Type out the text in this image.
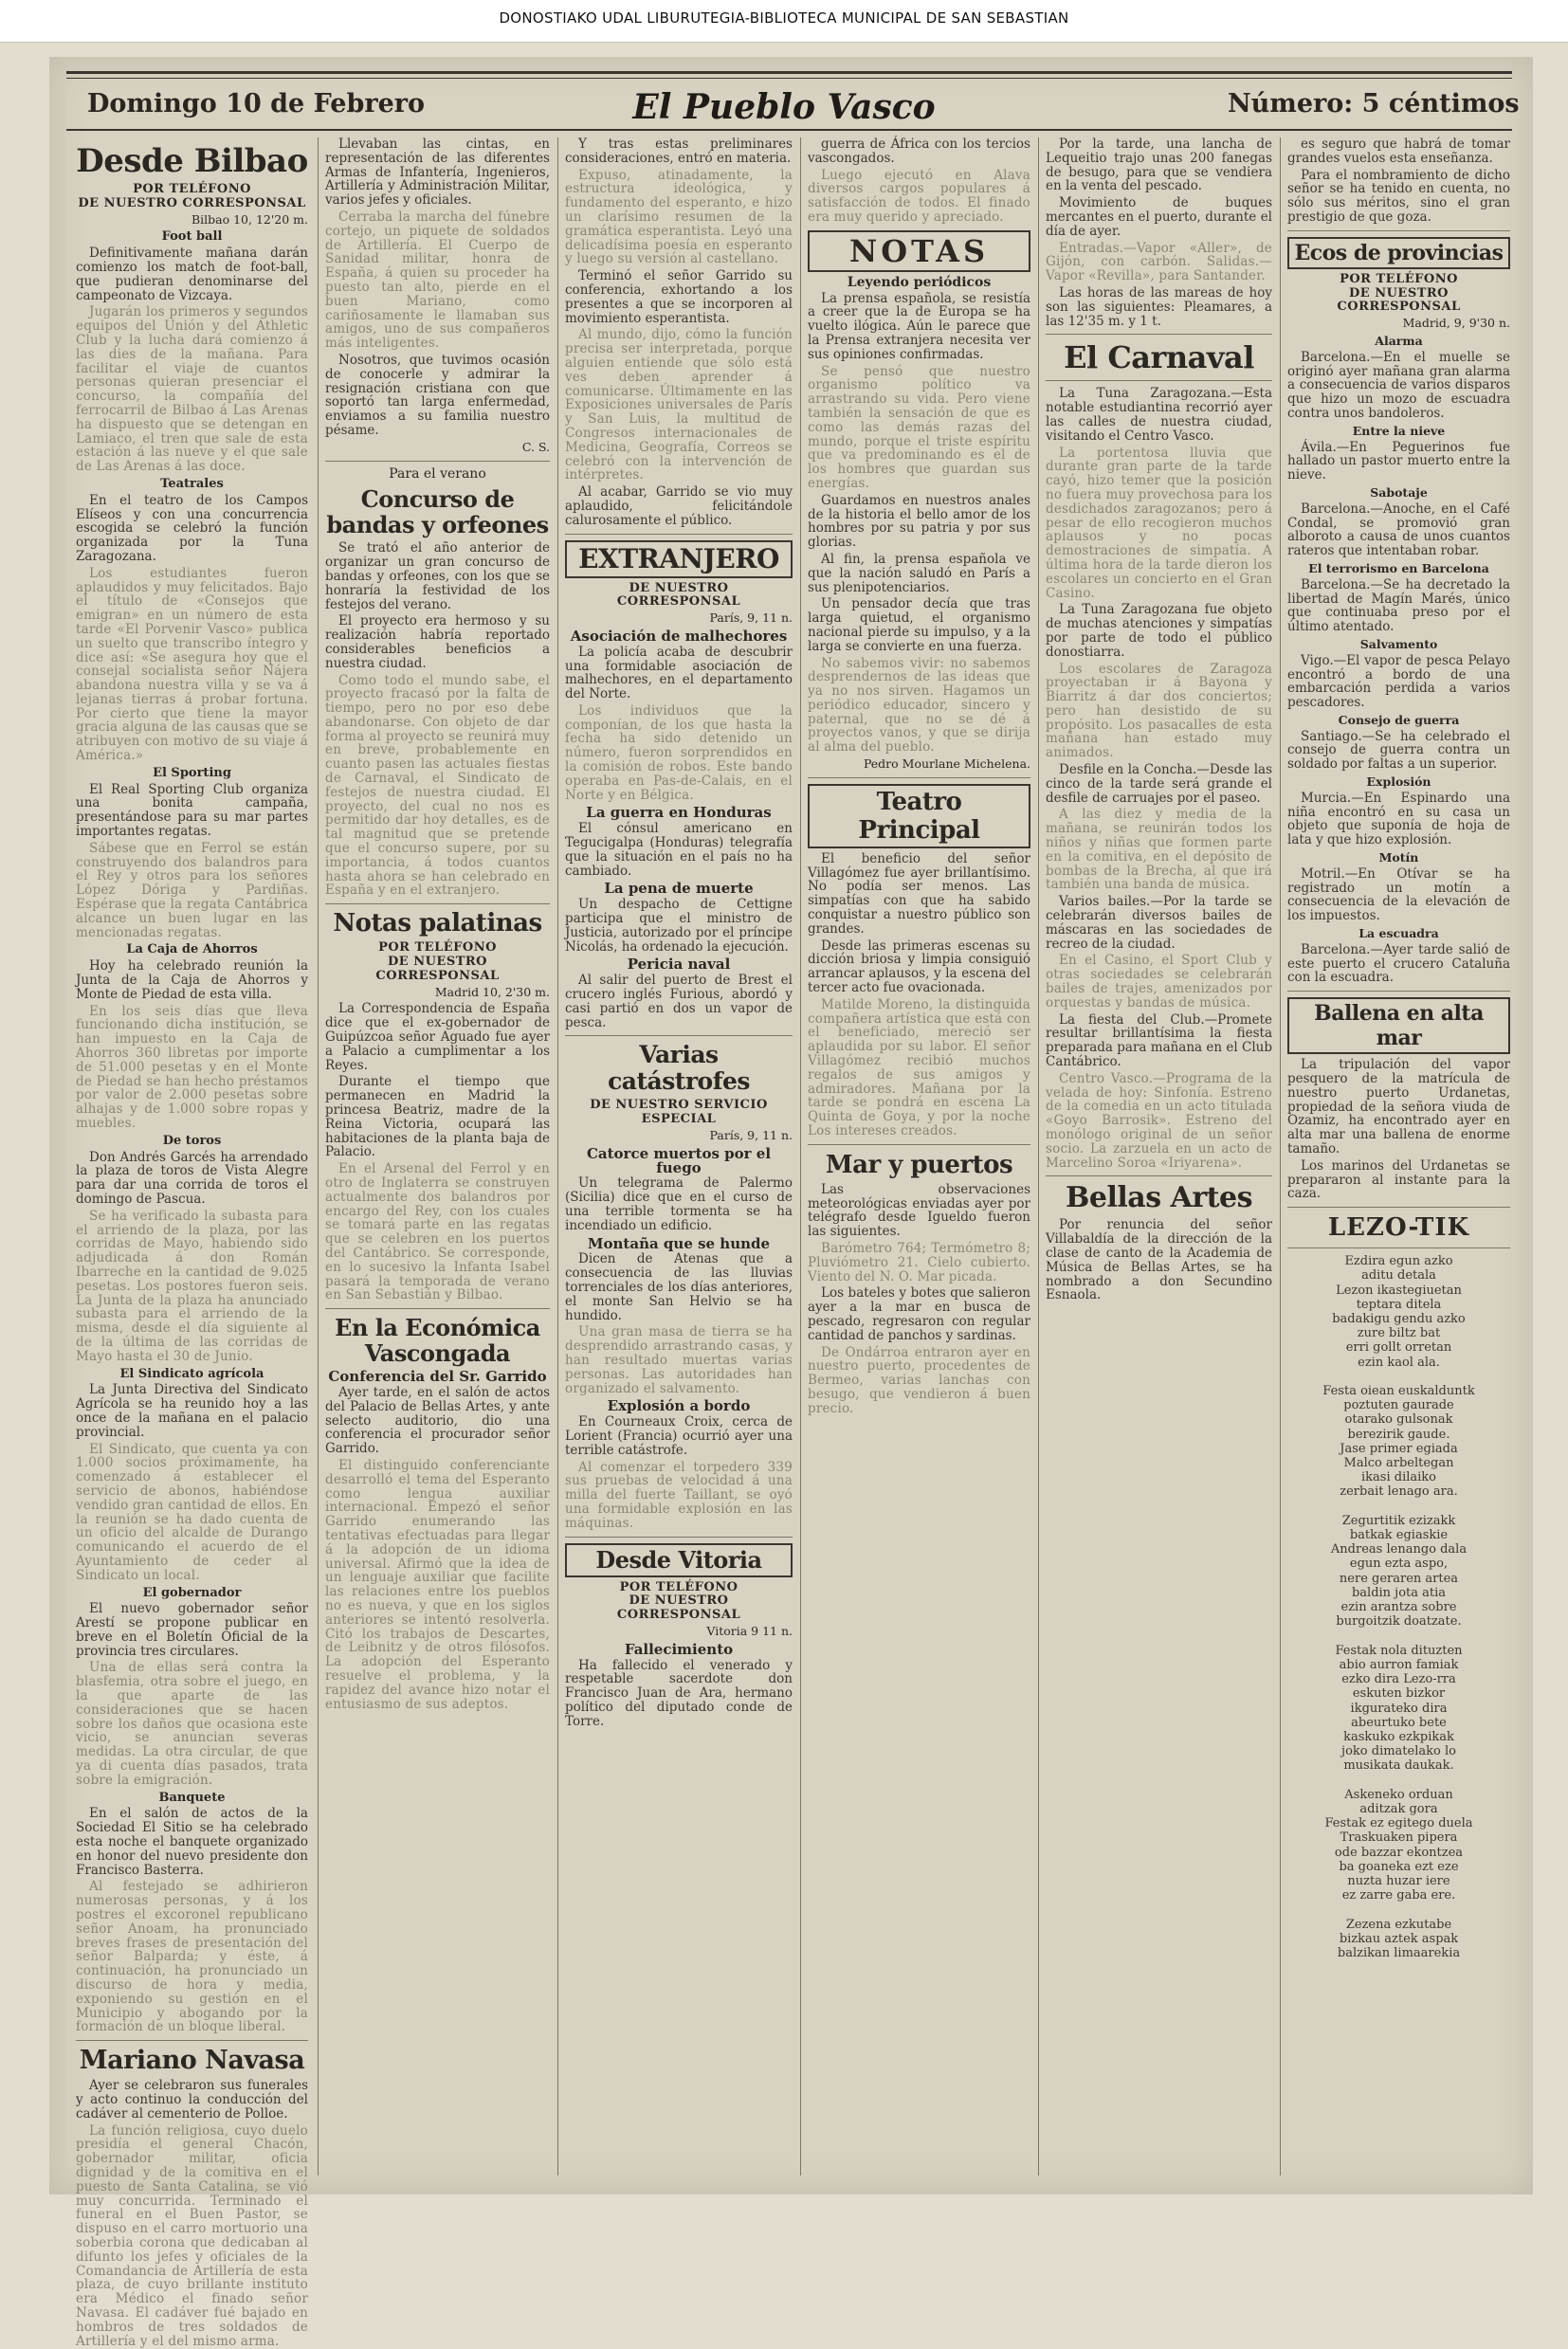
DONOSTIAKO UDAL LIBURUTEGIA-BIBLIOTECA MUNICIPAL DE SAN SEBASTIAN
Domingo 10 de Febrero	El Pueblo Vasco	Número: 5 céntimos
Desde Bilbao
POR TELÉFONO
DE NUESTRO CORRESPONSAL
Bilbao 10, 12'20 m.
Foot ball

Definitivamente mañana darán comienzo los match de foot-ball, que pudieran denominarse del campeonato de Vizcaya.

Jugarán los primeros y segundos equipos del Unión y del Athletic Club y la lucha dará comienzo á las dies de la mañana. Para facilitar el viaje de cuantos personas quieran presenciar el concurso, la compañía del ferrocarril de Bilbao á Las Arenas ha dispuesto que se detengan en Lamiaco, el tren que sale de esta estación á las nueve y el que sale de Las Arenas á las doce.

Teatrales

En el teatro de los Campos Elíseos y con una concurrencia escogida se celebró la función organizada por la Tuna Zaragozana.

Los estudiantes fueron aplaudidos y muy felicitados. Bajo el título de «Consejos que emigran» en un número de esta tarde «El Porvenir Vasco» publica un suelto que transcribo íntegro y dice así: «Se asegura hoy que el consejal socialista señor Nájera abandona nuestra villa y se va á lejanas tierras á probar fortuna. Por cierto que tiene la mayor gracia alguna de las causas que se atribuyen con motivo de su viaje á América.»

El Sporting

El Real Sporting Club organiza una bonita campaña, presentándose para su mar partes importantes regatas.

Sábese que en Ferrol se están construyendo dos balandros para el Rey y otros para los señores López Dóriga y Pardiñas. Espérase que la regata Cantábrica alcance un buen lugar en las mencionadas regatas.

La Caja de Ahorros

Hoy ha celebrado reunión la Junta de la Caja de Ahorros y Monte de Piedad de esta villa.

En los seis días que lleva funcionando dicha institución, se han impuesto en la Caja de Ahorros 360 libretas por importe de 51.000 pesetas y en el Monte de Piedad se han hecho préstamos por valor de 2.000 pesetas sobre alhajas y de 1.000 sobre ropas y muebles.

De toros

Don Andrés Garcés ha arrendado la plaza de toros de Vista Alegre para dar una corrida de toros el domingo de Pascua.

Se ha verificado la subasta para el arriendo de la plaza, por las corridas de Mayo, habiendo sido adjudicada á don Román Ibarreche en la cantidad de 9.025 pesetas. Los postores fueron seis. La Junta de la plaza ha anunciado subasta para el arriendo de la misma, desde el día siguiente al de la última de las corridas de Mayo hasta el 30 de Junio.

El Sindicato agrícola

La Junta Directiva del Sindicato Agrícola se ha reunido hoy a las once de la mañana en el palacio provincial.

El Sindicato, que cuenta ya con 1.000 socios próximamente, ha comenzado á establecer el servicio de abonos, habiéndose vendido gran cantidad de ellos. En la reunión se ha dado cuenta de un oficio del alcalde de Durango comunicando el acuerdo de el Ayuntamiento de ceder al Sindicato un local.

El gobernador

El nuevo gobernador señor Arestí se propone publicar en breve en el Boletín Oficial de la provincia tres circulares.

Una de ellas será contra la blasfemia, otra sobre el juego, en la que aparte de las consideraciones que se hacen sobre los daños que ocasiona este vicio, se anuncian severas medidas. La otra circular, de que ya di cuenta días pasados, trata sobre la emigración.

Banquete

En el salón de actos de la Sociedad El Sitio se ha celebrado esta noche el banquete organizado en honor del nuevo presidente don Francisco Basterra.

Al festejado se adhirieron numerosas personas, y á los postres el excoronel republicano señor Anoam, ha pronunciado breves frases de presentación del señor Balparda; y éste, á continuación, ha pronunciado un discurso de hora y media, exponiendo su gestión en el Municipio y abogando por la formación de un bloque liberal.

Mariano Navasa

Ayer se celebraron sus funerales y acto continuo la conducción del cadáver al cementerio de Polloe.

La función religiosa, cuyo duelo presidía el general Chacón, gobernador militar, oficia dignidad y de la comitiva en el puesto de Santa Catalina, se vió muy concurrida. Terminado el funeral en el Buen Pastor, se dispuso en el carro mortuorio una soberbia corona que dedicaban al difunto los jefes y oficiales de la Comandancia de Artillería de esta plaza, de cuyo brillante instituto era Médico el finado señor Navasa. El cadáver fué bajado en hombros de tres soldados de Artillería y el del mismo arma.

Llevaban las cintas, en representación de las diferentes Armas de Infantería, Ingenieros, Artillería y Administración Militar, varios jefes y oficiales.

Cerraba la marcha del fúnebre cortejo, un piquete de soldados de Artillería. El Cuerpo de Sanidad militar, honra de España, á quien su proceder ha puesto tan alto, pierde en el buen Mariano, como cariñosamente le llamaban sus amigos, uno de sus compañeros más inteligentes.

Nosotros, que tuvimos ocasión de conocerle y admirar la resignación cristiana con que soportó tan larga enfermedad, enviamos a su familia nuestro pésame.

C. S.
Para el verano
Concurso de bandas y orfeones

Se trató el año anterior de organizar un gran concurso de bandas y orfeones, con los que se honraría la festividad de los festejos del verano.

El proyecto era hermoso y su realización habría reportado considerables beneficios a nuestra ciudad.

Como todo el mundo sabe, el proyecto fracasó por la falta de tiempo, pero no por eso debe abandonarse. Con objeto de dar forma al proyecto se reunirá muy en breve, probablemente en cuanto pasen las actuales fiestas de Carnaval, el Sindicato de festejos de nuestra ciudad. El proyecto, del cual no nos es permitido dar hoy detalles, es de tal magnitud que se pretende que el concurso supere, por su importancia, á todos cuantos hasta ahora se han celebrado en España y en el extranjero.

Notas palatinas
POR TELÉFONO
DE NUESTRO CORRESPONSAL
Madrid 10, 2'30 m.

La Correspondencia de España dice que el ex-gobernador de Guipúzcoa señor Aguado fue ayer a Palacio a cumplimentar a los Reyes.

Durante el tiempo que permanecen en Madrid la princesa Beatriz, madre de la Reina Victoria, ocupará las habitaciones de la planta baja de Palacio.

En el Arsenal del Ferrol y en otro de Inglaterra se construyen actualmente dos balandros por encargo del Rey, con los cuales se tomará parte en las regatas que se celebren en los puertos del Cantábrico. Se corresponde, en lo sucesivo la Infanta Isabel pasará la temporada de verano en San Sebastián y Bilbao.

En la Económica Vascongada
Conferencia del Sr. Garrido

Ayer tarde, en el salón de actos del Palacio de Bellas Artes, y ante selecto auditorio, dio una conferencia el procurador señor Garrido.

El distinguido conferenciante desarrolló el tema del Esperanto como lengua auxiliar internacional. Empezó el señor Garrido enumerando las tentativas efectuadas para llegar á la adopción de un idioma universal. Afirmó que la idea de un lenguaje auxiliar que facilite las relaciones entre los pueblos no es nueva, y que en los siglos anteriores se intentó resolverla. Citó los trabajos de Descartes, de Leibnitz y de otros filósofos. La adopción del Esperanto resuelve el problema, y la rapidez del avance hizo notar el entusiasmo de sus adeptos.

Y tras estas preliminares consideraciones, entró en materia.

Expuso, atinadamente, la estructura ideológica, y fundamento del esperanto, e hizo un clarísimo resumen de la gramática esperantista. Leyó una delicadísima poesía en esperanto y luego su versión al castellano.

Terminó el señor Garrido su conferencia, exhortando a los presentes a que se incorporen al movimiento esperantista.

Al mundo, dijo, cómo la función precisa ser interpretada, porque alguien entiende que sólo está ves deben aprender á comunicarse. Últimamente en las Exposiciones universales de París y San Luis, la multitud de Congresos internacionales de Medicina, Geografía, Correos se celebró con la intervención de intérpretes.

Al acabar, Garrido se vio muy aplaudido, felicitándole calurosamente el público.

EXTRANJERO
DE NUESTRO CORRESPONSAL
París, 9, 11 n.
Asociación de malhechores

La policía acaba de descubrir una formidable asociación de malhechores, en el departamento del Norte.

Los individuos que la componían, de los que hasta la fecha ha sido detenido un número, fueron sorprendidos en la comisión de robos. Este bando operaba en Pas-de-Calais, en el Norte y en Bélgica.

La guerra en Honduras

El cónsul americano en Tegucigalpa (Honduras) telegrafía que la situación en el país no ha cambiado.

La pena de muerte

Un despacho de Cettigne participa que el ministro de Justicia, autorizado por el príncipe Nicolás, ha ordenado la ejecución.

Pericia naval

Al salir del puerto de Brest el crucero inglés Furious, abordó y casi partió en dos un vapor de pesca.

Varias catástrofes
DE NUESTRO SERVICIO ESPECIAL
París, 9, 11 n.
Catorce muertos por el fuego

Un telegrama de Palermo (Sicilia) dice que en el curso de una terrible tormenta se ha incendiado un edificio.

Montaña que se hunde

Dicen de Atenas que a consecuencia de las lluvias torrenciales de los días anteriores, el monte San Helvio se ha hundido.

Una gran masa de tierra se ha desprendido arrastrando casas, y han resultado muertas varias personas. Las autoridades han organizado el salvamento.

Explosión a bordo

En Courneaux Croix, cerca de Lorient (Francia) ocurrió ayer una terrible catástrofe.

Al comenzar el torpedero 339 sus pruebas de velocidad á una milla del fuerte Taillant, se oyó una formidable explosión en las máquinas.

Desde Vitoria
POR TELÉFONO
DE NUESTRO CORRESPONSAL
Vitoria 9 11 n.
Fallecimiento

Ha fallecido el venerado y respetable sacerdote don Francisco Juan de Ara, hermano político del diputado conde de Torre.

guerra de África con los tercios vascongados.

Luego ejecutó en Alava diversos cargos populares á satisfacción de todos. El finado era muy querido y apreciado.

NOTAS
Leyendo periódicos

La prensa española, se resistía a creer que la de Europa se ha vuelto ilógica. Aún le parece que la Prensa extranjera necesita ver sus opiniones confirmadas.

Se pensó que nuestro organismo político va arrastrando su vida. Pero viene también la sensación de que es como las demás razas del mundo, porque el triste espíritu que va predominando es el de los hombres que guardan sus energías.

Guardamos en nuestros anales de la historia el bello amor de los hombres por su patria y por sus glorias.

Al fin, la prensa española ve que la nación saludó en París a sus plenipotenciarios.

Un pensador decía que tras larga quietud, el organismo nacional pierde su impulso, y a la larga se convierte en una fuerza.

No sabemos vivir: no sabemos desprendernos de las ideas que ya no nos sirven. Hagamos un periódico educador, sincero y paternal, que no se dé á proyectos vanos, y que se dirija al alma del pueblo.

Pedro Mourlane Michelena.
Teatro Principal

El beneficio del señor Villagómez fue ayer brillantísimo. No podía ser menos. Las simpatías con que ha sabido conquistar a nuestro público son grandes.

Desde las primeras escenas su dicción briosa y limpia consiguió arrancar aplausos, y la escena del tercer acto fue ovacionada.

Matilde Moreno, la distinguida compañera artística que está con el beneficiado, mereció ser aplaudida por su labor. El señor Villagómez recibió muchos regalos de sus amigos y admiradores. Mañana por la tarde se pondrá en escena La Quinta de Goya, y por la noche Los intereses creados.

Mar y puertos

Las observaciones meteorológicas enviadas ayer por telégrafo desde Igueldo fueron las siguientes.

Barómetro 764; Termómetro 8; Pluviómetro 21. Cielo cubierto. Viento del N. O. Mar picada.

Los bateles y botes que salieron ayer a la mar en busca de pescado, regresaron con regular cantidad de panchos y sardinas.

De Ondárroa entraron ayer en nuestro puerto, procedentes de Bermeo, varias lanchas con besugo, que vendieron á buen precio.

Por la tarde, una lancha de Lequeitio trajo unas 200 fanegas de besugo, para que se vendiera en la venta del pescado.

Movimiento de buques mercantes en el puerto, durante el día de ayer.

Entradas.—Vapor «Aller», de Gijón, con carbón. Salidas.—Vapor «Revilla», para Santander.

Las horas de las mareas de hoy son las siguientes: Pleamares, a las 12'35 m. y 1 t.

El Carnaval

La Tuna Zaragozana.—Esta notable estudiantina recorrió ayer las calles de nuestra ciudad, visitando el Centro Vasco.

La portentosa lluvia que durante gran parte de la tarde cayó, hizo temer que la posición no fuera muy provechosa para los desdichados zaragozanos; pero á pesar de ello recogieron muchos aplausos y no pocas demostraciones de simpatía. A última hora de la tarde dieron los escolares un concierto en el Gran Casino.

La Tuna Zaragozana fue objeto de muchas atenciones y simpatías por parte de todo el público donostiarra.

Los escolares de Zaragoza proyectaban ir á Bayona y Biarritz á dar dos conciertos; pero han desistido de su propósito. Los pasacalles de esta mañana han estado muy animados.

Desfile en la Concha.—Desde las cinco de la tarde será grande el desfile de carruajes por el paseo.

A las diez y media de la mañana, se reunirán todos los niños y niñas que formen parte en la comitiva, en el depósito de bombas de la Brecha, al que irá también una banda de música.

Varios bailes.—Por la tarde se celebrarán diversos bailes de máscaras en las sociedades de recreo de la ciudad.

En el Casino, el Sport Club y otras sociedades se celebrarán bailes de trajes, amenizados por orquestas y bandas de música.

La fiesta del Club.—Promete resultar brillantísima la fiesta preparada para mañana en el Club Cantábrico.

Centro Vasco.—Programa de la velada de hoy: Sinfonía. Estreno de la comedia en un acto titulada «Goyo Barrosik». Estreno del monólogo original de un señor socio. La zarzuela en un acto de Marcelino Soroa «Iriyarena».

Bellas Artes

Por renuncia del señor Villabaldía de la dirección de la clase de canto de la Academia de Música de Bellas Artes, se ha nombrado a don Secundino Esnaola.

es seguro que habrá de tomar grandes vuelos esta enseñanza.

Para el nombramiento de dicho señor se ha tenido en cuenta, no sólo sus méritos, sino el gran prestigio de que goza.

Ecos de provincias
POR TELÉFONO
DE NUESTRO CORRESPONSAL
Madrid, 9, 9'30 n.
Alarma

Barcelona.—En el muelle se originó ayer mañana gran alarma a consecuencia de varios disparos que hizo un mozo de escuadra contra unos bandoleros.

Entre la nieve

Ávila.—En Peguerinos fue hallado un pastor muerto entre la nieve.

Sabotaje

Barcelona.—Anoche, en el Café Condal, se promovió gran alboroto a causa de unos cuantos rateros que intentaban robar.

El terrorismo en Barcelona

Barcelona.—Se ha decretado la libertad de Magín Marés, único que continuaba preso por el último atentado.

Salvamento

Vigo.—El vapor de pesca Pelayo encontró a bordo de una embarcación perdida a varios pescadores.

Consejo de guerra

Santiago.—Se ha celebrado el consejo de guerra contra un soldado por faltas a un superior.

Explosión

Murcia.—En Espinardo una niña encontró en su casa un objeto que suponía de hoja de lata y que hizo explosión.

Motín

Motril.—En Otívar se ha registrado un motín a consecuencia de la elevación de los impuestos.

La escuadra

Barcelona.—Ayer tarde salió de este puerto el crucero Cataluña con la escuadra.

Ballena en alta mar

La tripulación del vapor pesquero de la matrícula de nuestro puerto Urdanetas, propiedad de la señora viuda de Ozamiz, ha encontrado ayer en alta mar una ballena de enorme tamaño.

Los marinos del Urdanetas se prepararon al instante para la caza.

LEZO-TIK
Ezdira egun azko
aditu detala
Lezon ikastegiuetan
teptara ditela
badakigu gendu azko
zure biltz bat
erri gollt orretan
ezin kaol ala.

Festa oiean euskalduntk
poztuten gaurade
otarako gulsonak
berezirik gaude.
Jase primer egiada
Malco arbeltegan
ikasi dilaiko
zerbait lenago ara.

Zegurtitik ezizakk
batkak egiaskie
Andreas lenango dala
egun ezta aspo,
nere geraren artea
baldin jota atia
ezin arantza sobre
burgoitzik doatzate.

Festak nola dituzten
abio aurron famiak
ezko dira Lezo-rra
eskuten bizkor
ikgurateko dira
abeurtuko bete
kaskuko ezkpikak
joko dimatelako lo
musikata daukak.

Askeneko orduan
aditzak gora
Festak ez egitego duela
Traskuaken pipera
ode bazzar ekontzea
ba goaneka ezt eze
nuzta huzar iere
ez zarre gaba ere.

Zezena ezkutabe
bizkau aztek aspak
balzikan limaarekia
